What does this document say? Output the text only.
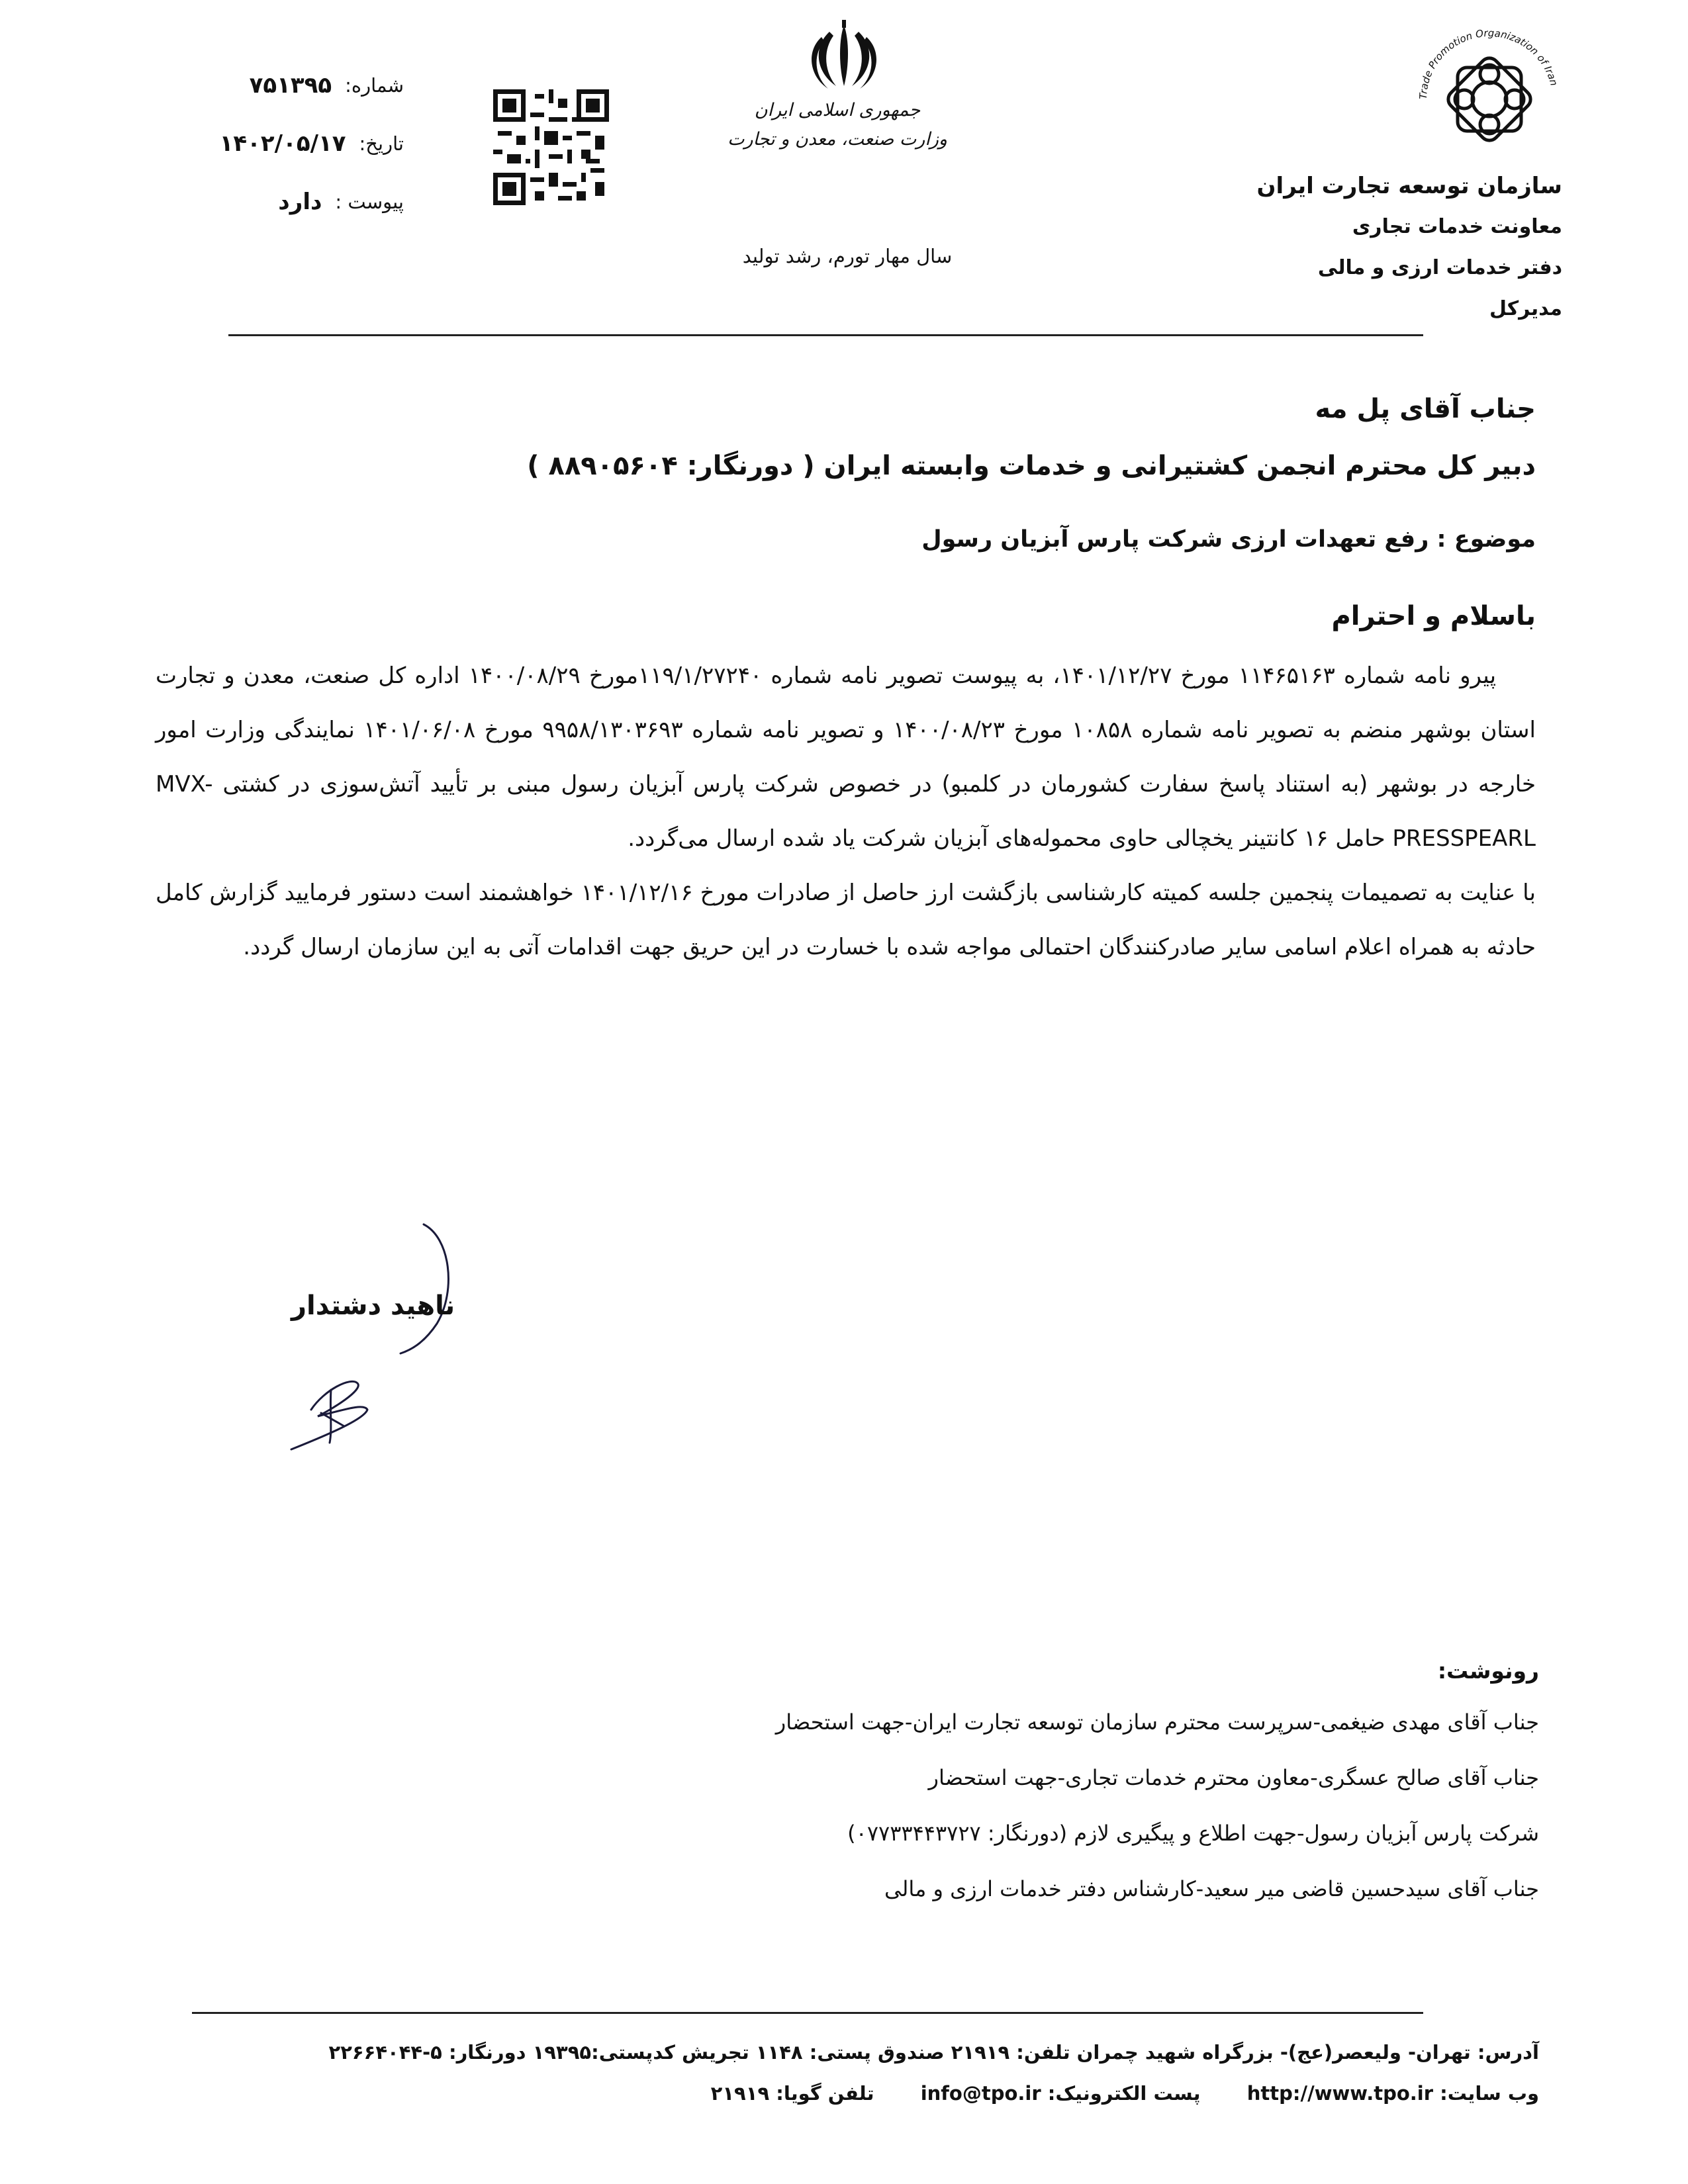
Trade Promotion Organization of Iran
سازمان توسعه تجارت ایران
معاونت خدمات تجاری
دفتر خدمات ارزی و مالی
مدیرکل
جمهوری اسلامی ایران
وزارت صنعت، معدن و تجارت
سال مهار تورم، رشد تولید
شماره:
۷۵۱۳۹۵
تاریخ:
۱۴۰۲/۰۵/۱۷
پیوست :
دارد
جناب آقای پل مه
دبیر کل محترم انجمن کشتیرانی و خدمات وابسته ایران ( دورنگار: ۸۸۹۰۵۶۰۴ )
موضوع : رفع تعهدات ارزی شرکت پارس آبزیان رسول
باسلام و احترام

پیرو نامه شماره ۱۱۴۶۵۱۶۳ مورخ ۱۴۰۱/۱۲/۲۷، به پیوست تصویر نامه شماره ۱۱۹/۱/۲۷۲۴۰مورخ ۱۴۰۰/۰۸/۲۹ اداره کل صنعت، معدن و تجارت استان بوشهر منضم به تصویر نامه شماره ۱۰۸۵۸ مورخ ۱۴۰۰/۰۸/۲۳ و تصویر نامه شماره ۹۹۵۸/۱۳۰۳۶۹۳ مورخ ۱۴۰۱/۰۶/۰۸ نمایندگی وزارت امور خارجه در بوشهر (به استناد پاسخ سفارت کشورمان در کلمبو) در خصوص شرکت پارس آبزیان رسول مبنی بر تأیید آتش‌سوزی در کشتی MVX-PRESSPEARL حامل ۱۶ کانتینر یخچالی حاوی محموله‌های آبزیان شرکت یاد شده ارسال می‌گردد.

با عنایت به تصمیمات پنجمین جلسه کمیته کارشناسی بازگشت ارز حاصل از صادرات مورخ ۱۴۰۱/۱۲/۱۶ خواهشمند است دستور فرمایید گزارش کامل حادثه به همراه اعلام اسامی سایر صادرکنندگان احتمالی مواجه شده با خسارت در این حریق جهت اقدامات آتی به این سازمان ارسال گردد.

ناهید دشتدار
رونوشت:
جناب آقای مهدی ضیغمی-سرپرست محترم سازمان توسعه تجارت ایران-جهت استحضار
جناب آقای صالح عسگری-معاون محترم خدمات تجاری-جهت استحضار
شرکت پارس آبزیان رسول-جهت اطلاع و پیگیری لازم (دورنگار: ۰۷۷۳۳۴۴۳۷۲۷)
جناب آقای سیدحسین قاضی میر سعید-کارشناس دفتر خدمات ارزی و مالی
آدرس: تهران- ولیعصر(عج)- بزرگراه شهید چمران تلفن: ۲۱۹۱۹ صندوق پستی: ۱۱۴۸ تجریش کدپستی:۱۹۳۹۵ دورنگار: ۵-۲۲۶۶۴۰۴۴
وب سایت: http://www.tpo.ir  پست الکترونیک: info@tpo.ir  تلفن گویا: ۲۱۹۱۹
